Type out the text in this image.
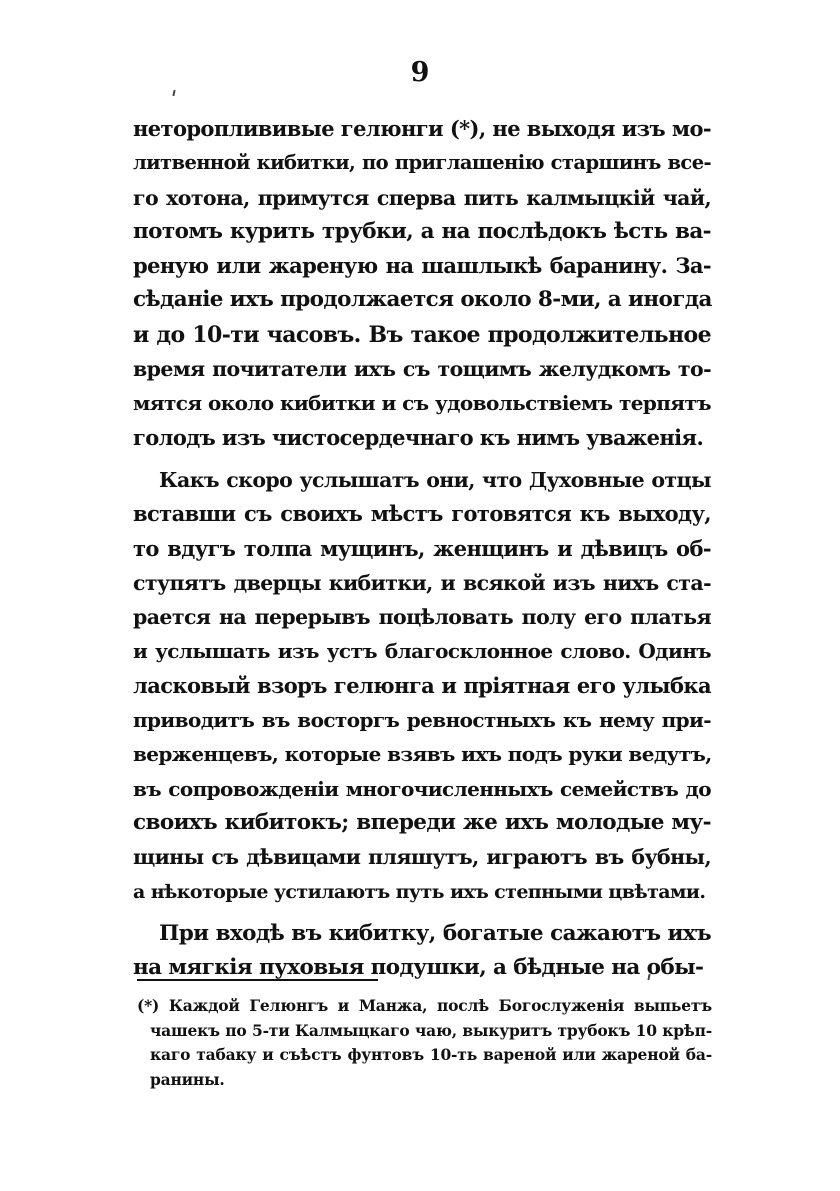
9
нетороплививые гелюнги (*), не выходя изъ мо-
литвенной кибитки, по приглашенію старшинъ все-
го хотона, примутся сперва пить калмыцкій чай,
потомъ курить трубки, а на послѣдокъ ѣсть ва-
реную или жареную на шашлыкѣ баранину. За-
сѣданіе ихъ продолжается около 8-ми, а иногда
и до 10-ти часовъ. Въ такое продолжительное
время почитатели ихъ съ тощимъ желудкомъ то-
мятся около кибитки и съ удовольствіемъ терпятъ
голодъ изъ чистосердечнаго къ нимъ уваженія.
Какъ скоро услышатъ они, что Духовные отцы
вставши съ своихъ мѣстъ готовятся къ выходу,
то вдугъ толпа мущинъ, женщинъ и дѣвицъ об-
ступятъ дверцы кибитки, и всякой изъ нихъ ста-
рается на перерывъ поцѣловать полу его платья
и услышать изъ устъ благосклонное слово. Одинъ
ласковый взоръ гелюнга и пріятная его улыбка
приводитъ въ восторгъ ревностныхъ къ нему при-
верженцевъ, которые взявъ ихъ подъ руки ведутъ,
въ сопровожденіи многочисленныхъ семействъ до
своихъ кибитокъ; впереди же ихъ молодые му-
щины съ дѣвицами пляшутъ, играютъ въ бубны,
а нѣкоторые устилаютъ путь ихъ степными цвѣтами.
При входѣ въ кибитку, богатые сажаютъ ихъ
на мягкія пуховыя подушки, а бѣдные на обы-
(*) Каждой Гелюнгъ и Манжа, послѣ Богослуженія выпьетъ
чашекъ по 5-ти Калмыцкаго чаю, выкуритъ трубокъ 10 крѣп-
каго табаку и съѣстъ фунтовъ 10-ть вареной или жареной ба-
ранины.
